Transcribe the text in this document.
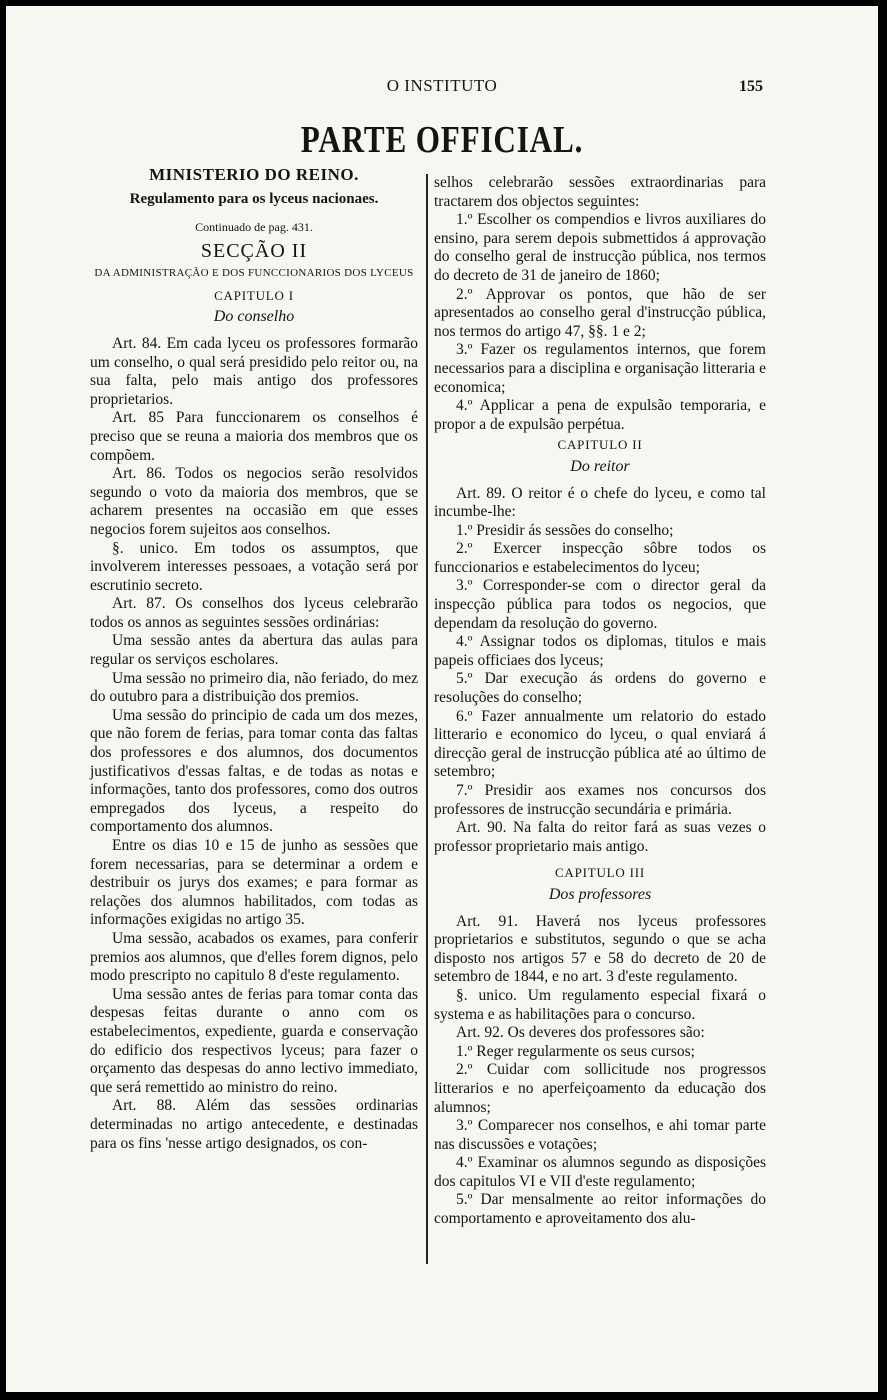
O INSTITUTO	155
PARTE OFFICIAL.
MINISTERIO DO REINO.
Regulamento para os lyceus nacionaes.
Continuado de pag. 431.
SECÇÃO II
DA ADMINISTRAÇÃO E DOS FUNCCIONARIOS DOS LYCEUS
CAPITULO I
Do conselho

Art. 84. Em cada lyceu os professores formarão um conselho, o qual será presidido pelo reitor ou, na sua falta, pelo mais antigo dos professores proprietarios.

Art. 85 Para funccionarem os conselhos é preciso que se reuna a maioria dos membros que os compõem.

Art. 86. Todos os negocios serão resolvidos segundo o voto da maioria dos membros, que se acharem presentes na occasião em que esses negocios forem sujeitos aos conselhos.

§. unico. Em todos os assumptos, que involverem interesses pessoaes, a votação será por escrutinio secreto.

Art. 87. Os conselhos dos lyceus celebrarão todos os annos as seguintes sessões ordinárias:

Uma sessão antes da abertura das aulas para regular os serviços escholares.

Uma sessão no primeiro dia, não feriado, do mez do outubro para a distribuição dos premios.

Uma sessão do principio de cada um dos mezes, que não forem de ferias, para tomar conta das faltas dos professores e dos alumnos, dos documentos justificativos d'essas faltas, e de todas as notas e informações, tanto dos professores, como dos outros empregados dos lyceus, a respeito do comportamento dos alumnos.

Entre os dias 10 e 15 de junho as sessões que forem necessarias, para se determinar a ordem e destribuir os jurys dos exames; e para formar as relações dos alumnos habilitados, com todas as informações exigidas no artigo 35.

Uma sessão, acabados os exames, para conferir premios aos alumnos, que d'elles forem dignos, pelo modo prescripto no capitulo 8 d'este regulamento.

Uma sessão antes de ferias para tomar conta das despesas feitas durante o anno com os estabelecimentos, expediente, guarda e conservação do edificio dos respectivos lyceus; para fazer o orçamento das despesas do anno lectivo immediato, que será remettido ao ministro do reino.

Art. 88. Além das sessões ordinarias determinadas no artigo antecedente, e destinadas para os fins 'nesse artigo designados, os con-

selhos celebrarão sessões extraordinarias para tractarem dos objectos seguintes:

1.º Escolher os compendios e livros auxiliares do ensino, para serem depois submettidos á approvação do conselho geral de instrucção pública, nos termos do decreto de 31 de janeiro de 1860;

2.º Approvar os pontos, que hão de ser apresentados ao conselho geral d'instrucção pública, nos termos do artigo 47, §§. 1 e 2;

3.º Fazer os regulamentos internos, que forem necessarios para a disciplina e organisação litteraria e economica;

4.º Applicar a pena de expulsão temporaria, e propor a de expulsão perpétua.

CAPITULO II
Do reitor

Art. 89. O reitor é o chefe do lyceu, e como tal incumbe-lhe:

1.º Presidir ás sessões do conselho;

2.º Exercer inspecção sôbre todos os funccionarios e estabelecimentos do lyceu;

3.º Corresponder-se com o director geral da inspecção pública para todos os negocios, que dependam da resolução do governo.

4.º Assignar todos os diplomas, titulos e mais papeis officiaes dos lyceus;

5.º Dar execução ás ordens do governo e resoluções do conselho;

6.º Fazer annualmente um relatorio do estado litterario e economico do lyceu, o qual enviará á direcção geral de instrucção pública até ao último de setembro;

7.º Presidir aos exames nos concursos dos professores de instrucção secundária e primária.

Art. 90. Na falta do reitor fará as suas vezes o professor proprietario mais antigo.

CAPITULO III
Dos professores

Art. 91. Haverá nos lyceus professores proprietarios e substitutos, segundo o que se acha disposto nos artigos 57 e 58 do decreto de 20 de setembro de 1844, e no art. 3 d'este regulamento.

§. unico. Um regulamento especial fixará o systema e as habilitações para o concurso.

Art. 92. Os deveres dos professores são:

1.º Reger regularmente os seus cursos;

2.º Cuidar com sollicitude nos progressos litterarios e no aperfeiçoamento da educação dos alumnos;

3.º Comparecer nos conselhos, e ahi tomar parte nas discussões e votações;

4.º Examinar os alumnos segundo as disposições dos capitulos VI e VII d'este regulamento;

5.º Dar mensalmente ao reitor informações do comportamento e aproveitamento dos alu-
